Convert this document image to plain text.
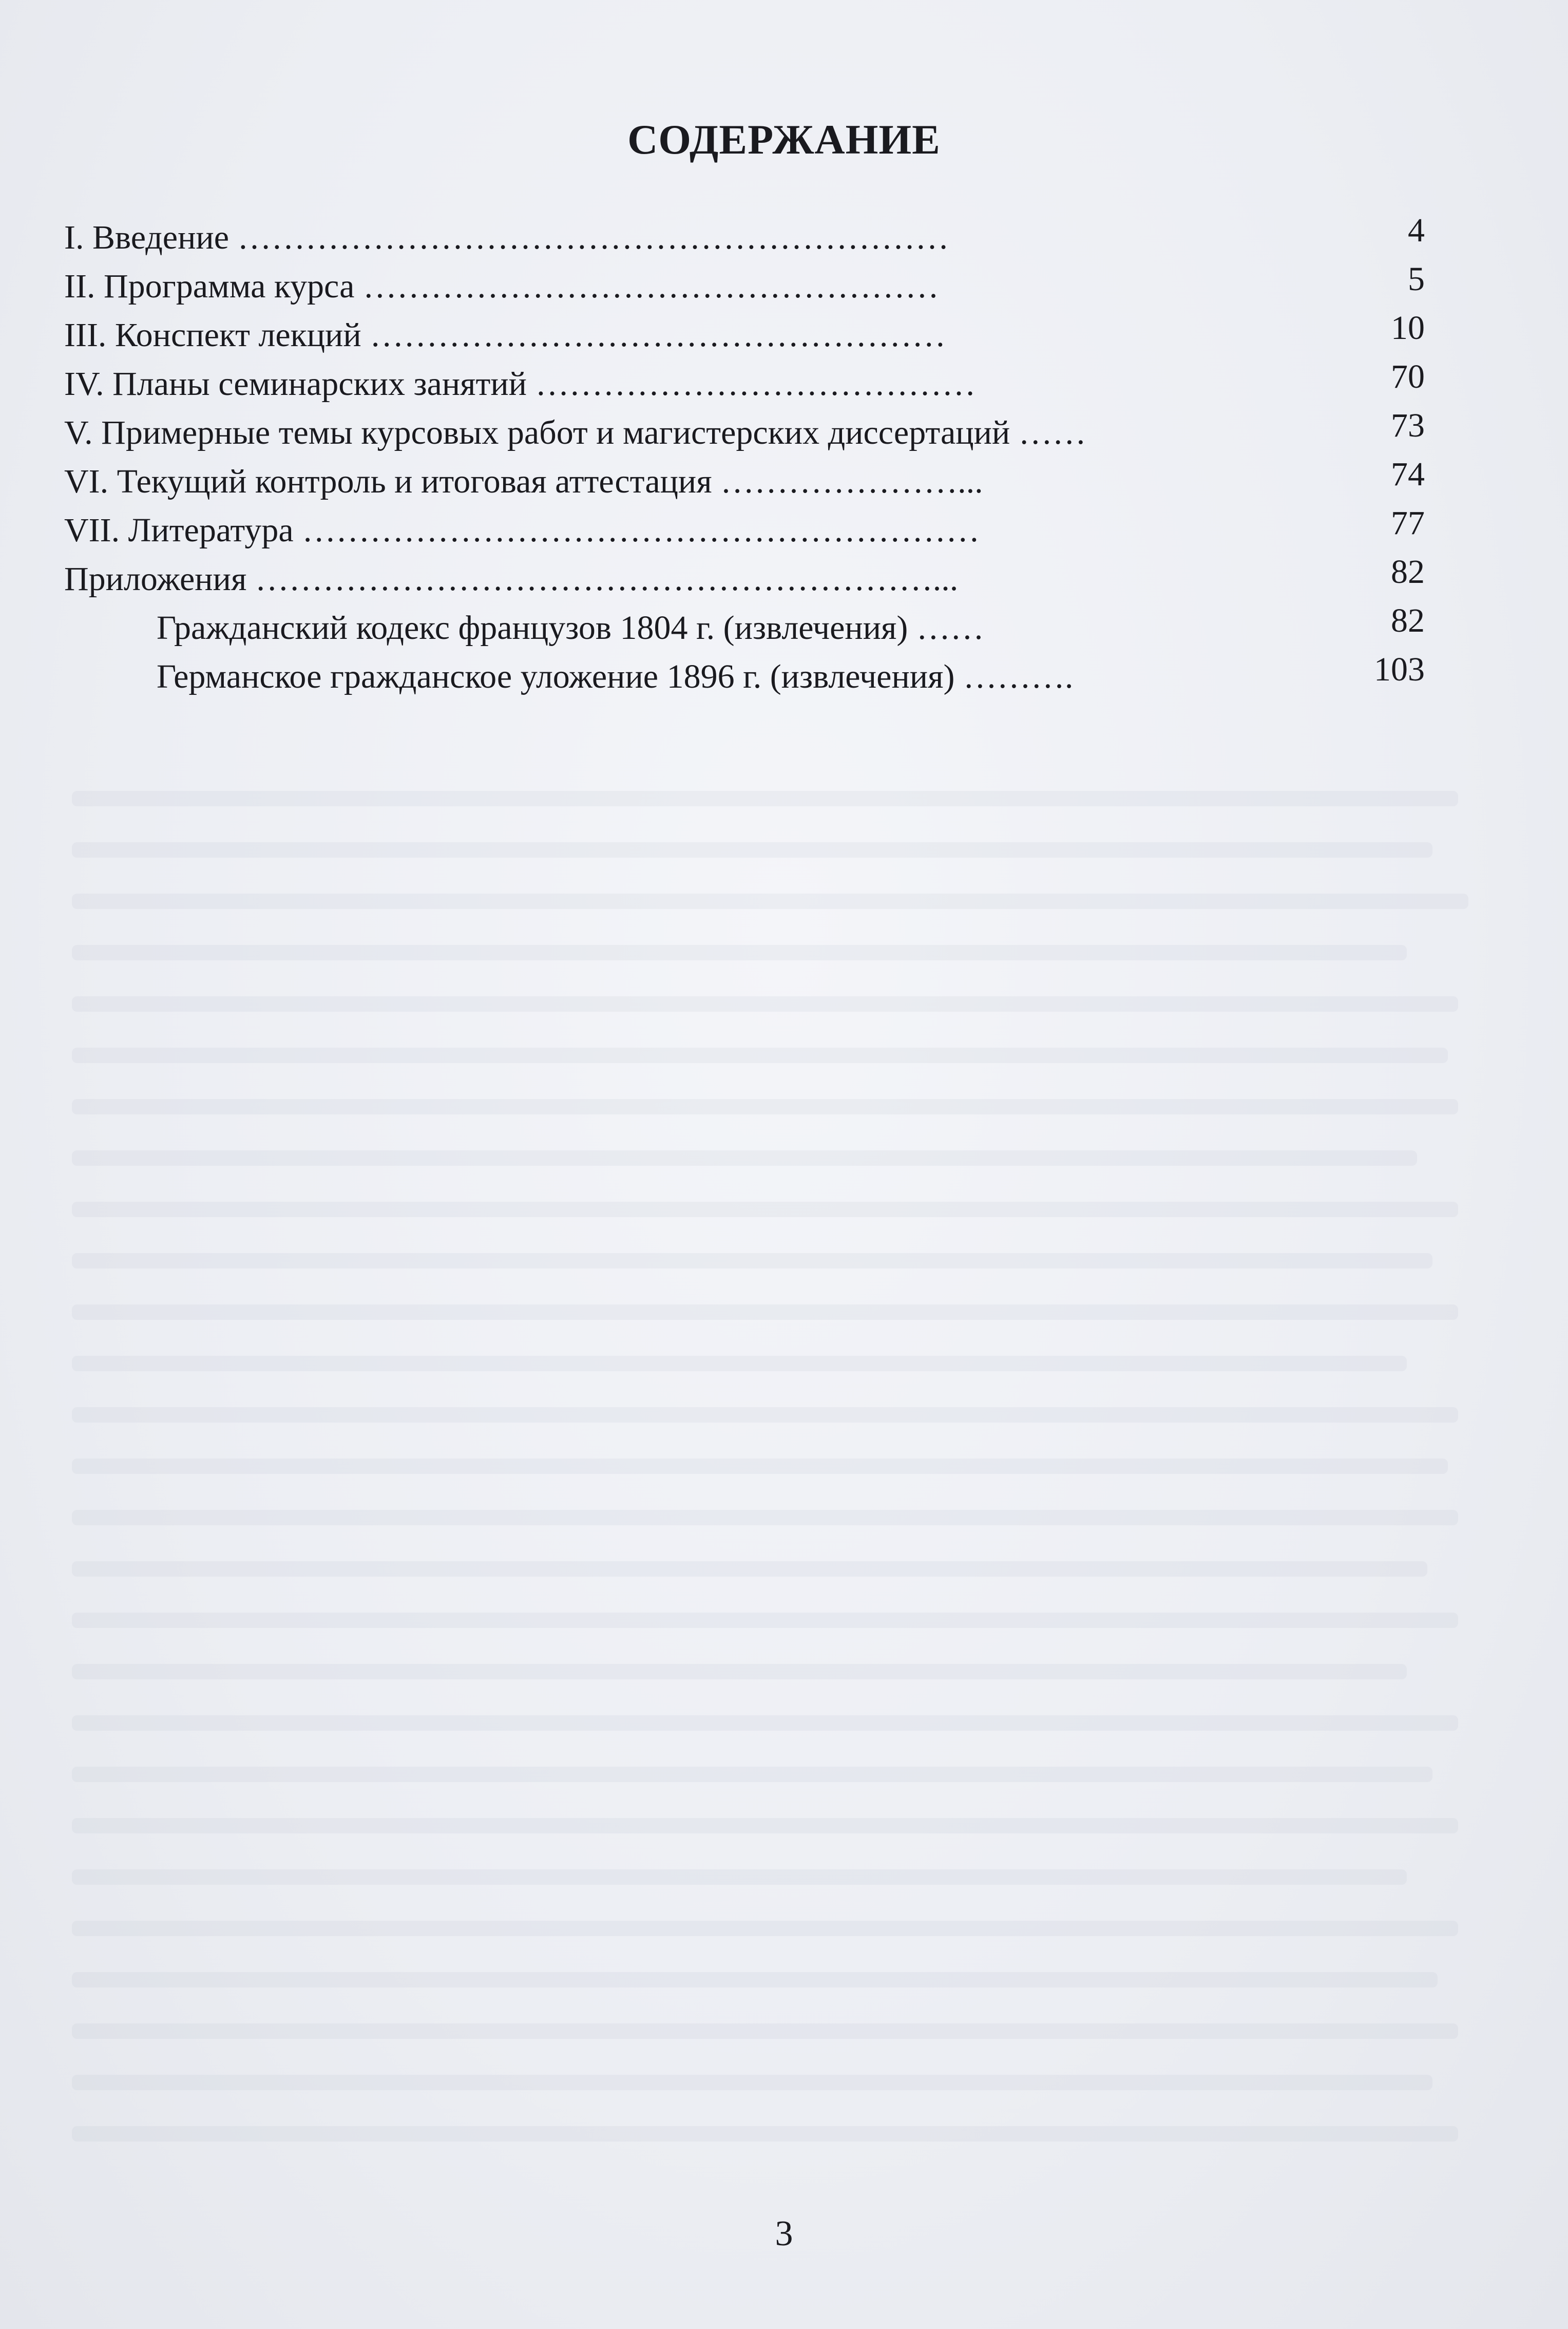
СОДЕРЖАНИЕ
I. Введение ………………………………………………………	4
II. Программа курса ……………………………………………	5
III. Конспект лекций ……………………………………………	10
IV. Планы семинарских занятий …………………………………	70
V. Примерные темы курсовых работ и магистерских диссертаций ……	73
VI. Текущий контроль и итоговая аттестация …………………...	74
VII. Литература ……………………………………………………	77
Приложения ……………………………………………………...	82
Гражданский кодекс французов 1804 г. (извлечения) ……	82
Германское гражданское уложение 1896 г. (извлечения) ……….	103
3
